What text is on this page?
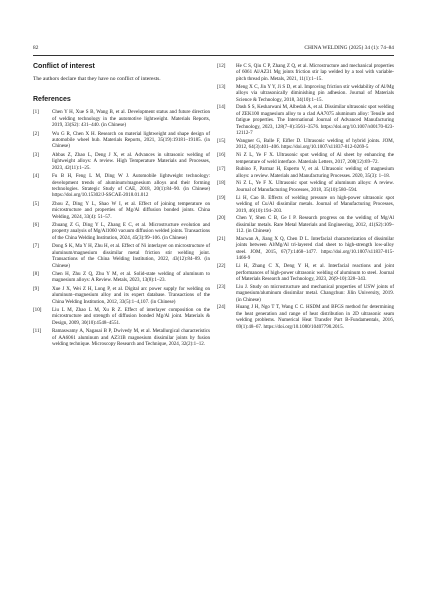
82	CHINA WELDING (2025) 34 (1): 74–84
Conflict of interest

The authors declare that they have no conflict of interests.

References
[1]	Chen Y H, Xue S B, Wang B, et al. Development status and future direction of welding technology in the automotive lightweight. Materials Reports, 2019, 33(S2): 431–440. (in Chinese)
[2]	Wu G R, Chen X H. Research on material lightweight and shape design of automobile wheel hub. Materials Reports, 2021, 35(19):19181–19185. (in Chinese)
[3]	Abbas Z, Zhao L, Deng J X, et al. Advances in ultrasonic welding of lightweight alloys: A review. High Temperature Materials and Processes, 2023, 42(11):1–25.
[4]	Fu B H, Feng L M, Ding W J. Automobile lightweight technology: development trends of aluminum/magnesium alloys and their forming technologies. Strategic Study of CAE, 2018, 20(1):84–90. (in Chinese) https://doi.org/10.15302/J-SSCAE-2018.01.012
[5]	Zhou Z, Ding Y L, Shao W I, et al. Effect of joining temperature on microstructure and properties of Mg/Al diffusion bonded joints. China Welding, 2024, 33(4): 51–57.
[6]	Zhuang Z G, Ding Y L, Zhang E C, et al. Microstructure evolution and property analysis of Mg/Al1060 vacuum diffusion welded joints. Transactions of the China Welding Institution, 2024, 45(3):99–106. (in Chinese)
[7]	Dong S K, Ma Y H, Zhu H, et al. Effect of Ni interlayer on microstructure of aluminum/magnesium dissimilar metal friction stir welding joint. Transactions of the China Welding Institution, 2022, 43(12):84–89. (in Chinese)
[8]	Chen H, Zhu Z Q, Zhu Y M, et al. Solid-state welding of aluminum to magnesium alloys: A Review. Metals, 2023, 13(8):1–23.
[9]	Xue J X, Wei Z H, Long P, et al. Digital arc power supply for welding on aluminum–magnesium alloy and its expert database. Transactions of the China Welding Institution, 2012, 33(5):1–4,107. (in Chinese)
[10] Liu L M, Zhao L M, Xu R Z. Effect of interlayer composition on the microstructure and strength of diffusion bonded Mg/Al joint. Materials & Design, 2009, 30(10):4548–4551.
[11] Ramaswamy A, Nagasai B P, Dwivedy M, et al. Metallurgical characteristics of AA6061 aluminum and AZ31B magnesium dissimilar joints by fusion welding technique. Microscopy Research and Technique, 2024, 32(2):1–12.
[12] He C S, Qiu C P, Zhang Z Q, et al. Microstructure and mechanical properties of 6061 Al/AZ31 Mg joints friction stir lap welded by a tool with variable-pitch thread pin. Metals, 2021, 11(1):1–15.
[13] Meng X C, Jin Y Y, Ji S D, et al. Improving friction stir weldability of Al/Mg alloys via ultrasonically diminishing pin adhesion. Journal of Materials Science & Technology, 2018, 34(10):1–15.
[14] Dash S S, Kesharwani M, Albedah A, et al. Dissimilar ultrasonic spot welding of ZEK100 magnesium alloy to a clad AA7075 aluminum alloy: Tensile and fatigue properties. The International Journal of Advanced Manufacturing Technology, 2023, 128(7–8):3561–3576. https://doi.org/10.1007/s00170-023-12112-7
[15] Wangner G, Balle F, Eifler D. Ultrasonic welding of hybrid joints. JOM, 2012, 64(3):401–406. https://doi.org/10.1007/s11837-012-0269-5
[16] Ni Z L, Ye F X. Ultrasonic spot welding of Al sheet by enhancing the temperature of weld interface. Materials Letters, 2017, 208(12):69–72.
[17] Rubino F, Parmar H, Esperto V, et al. Ultrasonic welding of magnesium alloys: a review. Materials and Manufacturing Processes. 2020, 35(3): 1–18.
[18] Ni Z L, Ye F X. Ultrasonic spot welding of aluminum alloys: A review. Journal of Manufacturing Processes, 2018, 35(10):580–594.
[19] Li H, Cao B. Effects of welding pressure on high-power ultrasonic spot welding of Cu/Al dissimilar metals. Journal of Manufacturing Processes, 2019, 46(10):194–203.
[20] Chen Y, Shen C B, Ge I P. Research progress on the welding of Mg/Al dissimilar metals. Rare Metal Materials and Engineering, 2012, 41(S2):109–112. (in Chinese)
[21] Macwan A, Jiang X Q, Chen D L. Interfacial characterization of dissimilar joints between Al/Mg/Al tri-layered clad sheet to high-strength low-alloy steel. JOM, 2015, 67(7):1468–1477. https://doi.org/10.1007/s11837-015-1466-9
[22] Li H, Zhang C X, Deng Y H, et al. Interfacial reactions and joint performances of high-power ultrasonic welding of aluminum to steel. Journal of Materials Research and Technology, 2023, 26(9-10):328–343.
[23] Liu J. Study on microstructure and mechanical properties of USW joints of magnesium/aluminum dissimilar metal. Changchun: Jilin University, 2019. (in Chinese)
[24] Huang J H, Ngo T T, Wang C C. HSDM and BFGS method for determining the heat generation and range of heat distribution in 2D ultrasonic seam welding problems. Numerical Heat Transfer Part B-Fundamentals, 2016, 69(1):48–67. https://doi.org/10.1080/10407790.2015.
